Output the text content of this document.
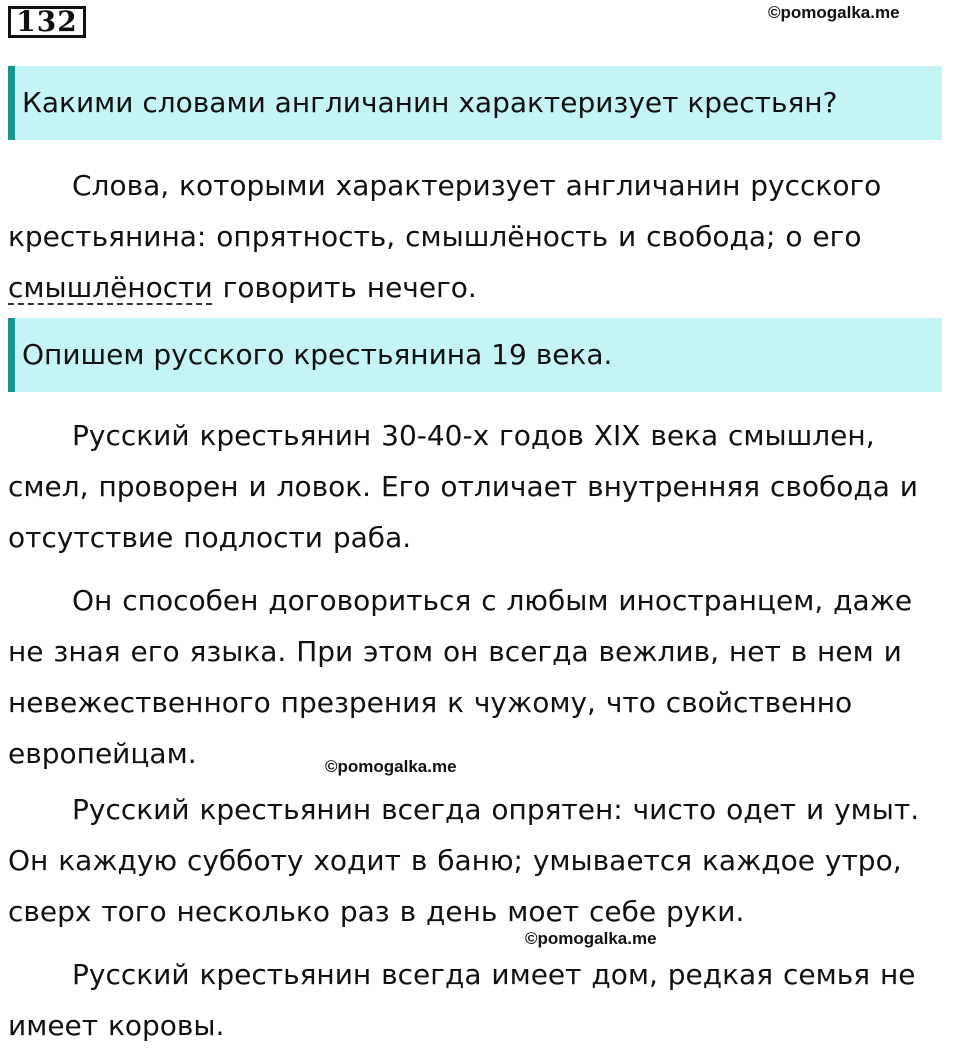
132	©pomogalka.me
Какими словами англичанин характеризует крестьян?

Слова, которыми характеризует англичанин русского крестьянина: опрятность, смышлёность и свобода; о его смышлёности говорить нечего.

Опишем русского крестьянина 19 века.

Русский крестьянин 30-40-х годов XIX века смышлен, смел, проворен и ловок. Его отличает внутренняя свобода и отсутствие подлости раба.

Он способен договориться с любым иностранцем, даже не зная его языка. При этом он всегда вежлив, нет в нем и невежественного презрения к чужому, что свойственно европейцам.	©pomogalka.me

Русский крестьянин всегда опрятен: чисто одет и умыт. Он каждую субботу ходит в баню; умывается каждое утро, сверх того несколько раз в день моет себе руки.

©pomogalka.me

Русский крестьянин всегда имеет дом, редкая семья не имеет коровы.
